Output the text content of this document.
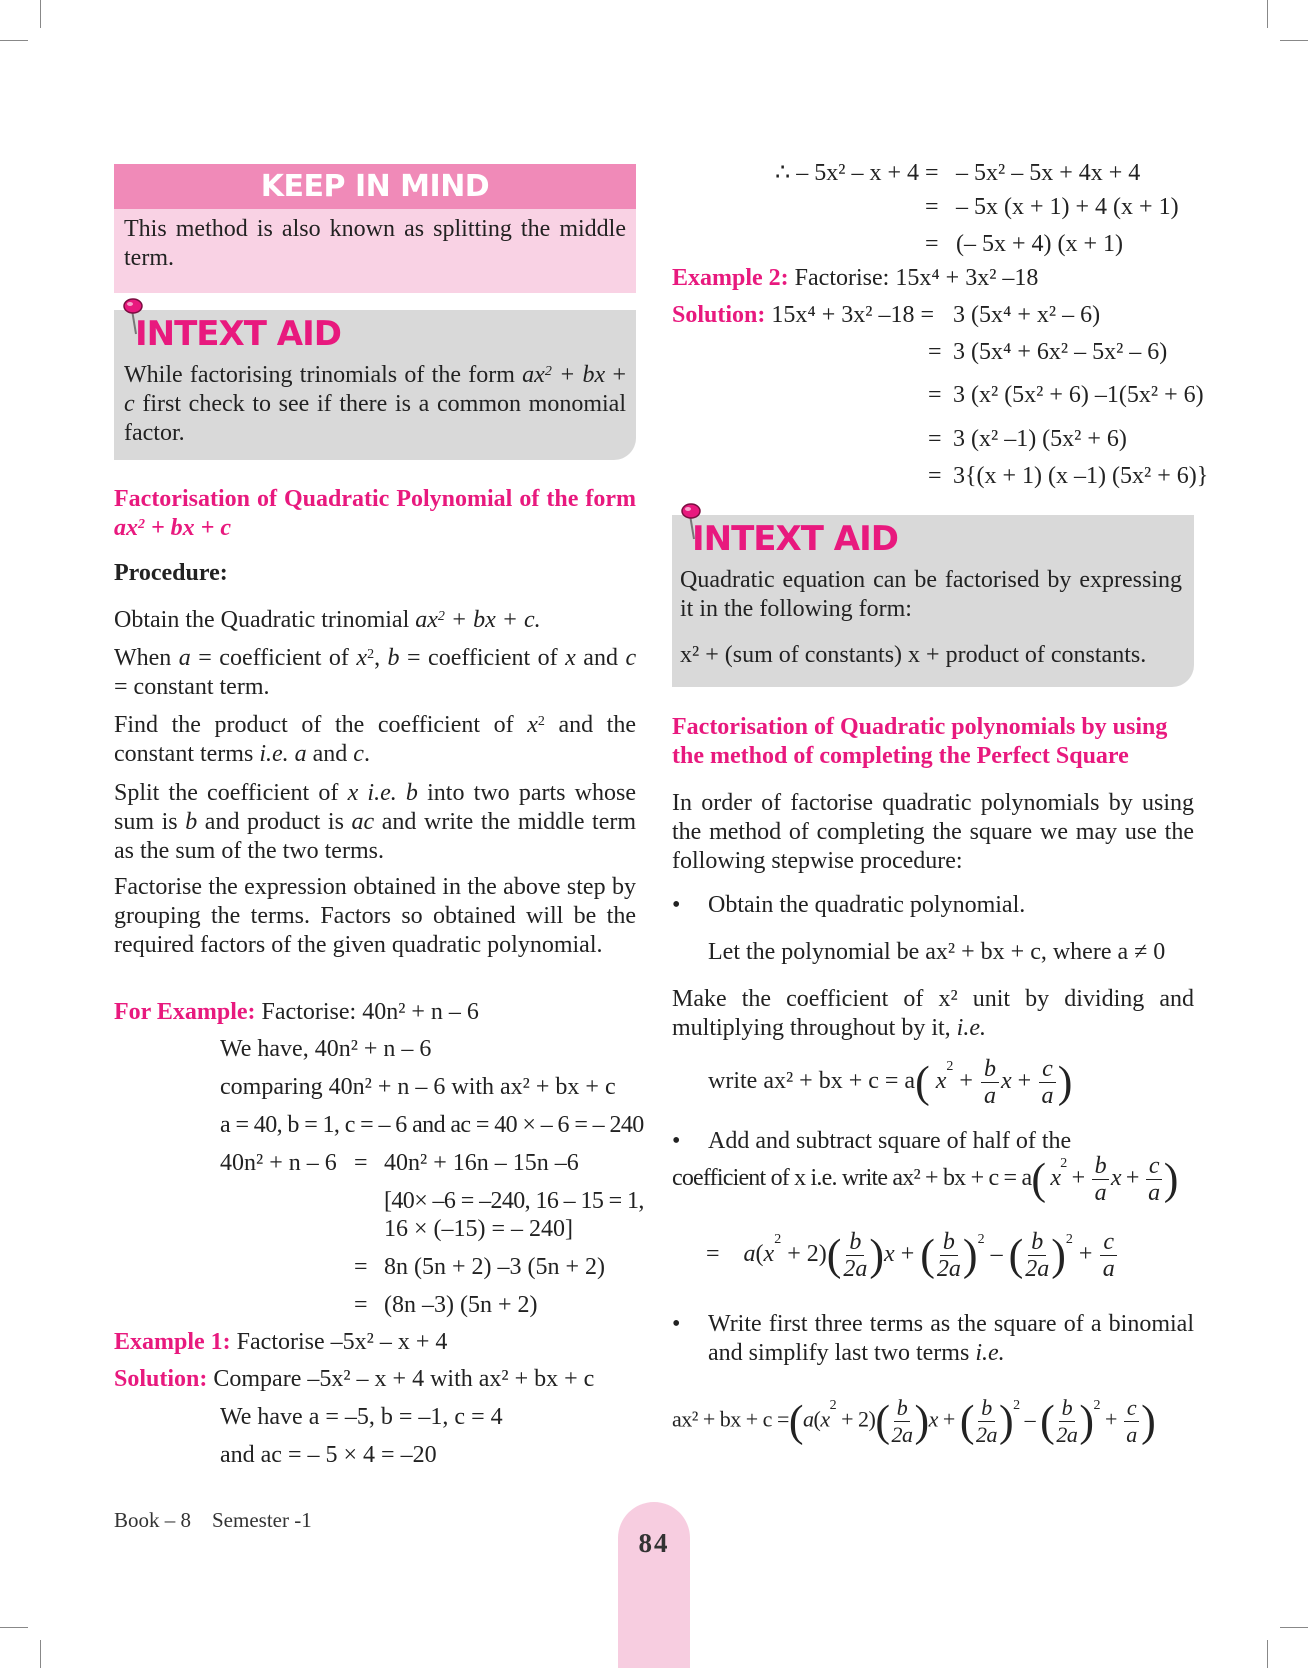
KEEP IN MIND
This method is also known as splitting the middle term.
INTEXT AID
While factorising trinomials of the form $ax^2$ + bx + c first check to see if there is a common monomial factor.
Factorisation of Quadratic Polynomial of the form $ax^2$ + bx + c
Procedure:
Obtain the Quadratic trinomial $ax^2$ + bx + c.
When a = coefficient of $x^2$, b = coefficient of x and c = constant term.
Find the product of the coefficient of $x^2$ and the constant terms i.e. a and c.
Split the coefficient of x i.e. b into two parts whose sum is b and product is ac and write the middle term as the sum of the two terms.
Factorise the expression obtained in the above step by grouping the terms. Factors so obtained will be the required factors of the given quadratic polynomial.
For Example: Factorise: 40n² + n – 6
We have, 40n² + n – 6
comparing 40n² + n – 6 with ax² + bx + c
a = 40, b = 1, c = – 6 and ac = 40 × – 6 = – 240
40n² + n – 6 = 40n² + 16n – 15n –6
[40× –6 = –240, 16 – 15 = 1,
16 × (–15) = – 240]
= 8n (5n + 2) –3 (5n + 2)
= (8n –3) (5n + 2)
Example 1: Factorise –5x² – x + 4
Solution: Compare –5x² – x + 4 with ax² + bx + c
We have a = –5, b = –1, c = 4
and ac = – 5 × 4 = –20
Book – 8    Semester -1
84
∴ – 5x² – x + 4 = – 5x² – 5x + 4x + 4
= – 5x (x + 1) + 4 (x + 1)
= (– 5x + 4) (x + 1)
Example 2: Factorise: 15x⁴ + 3x² –18
Solution: 15x⁴ + 3x² –18 = 3 (5x⁴ + x² – 6)
= 3 (5x⁴ + 6x² – 5x² – 6)
= 3 (x² (5x² + 6) –1(5x² + 6)
= 3 (x² –1) (5x² + 6)
= 3{(x + 1) (x –1) (5x² + 6)}
INTEXT AID
Quadratic equation can be factorised by expressing it in the following form:
x² + (sum of constants) x + product of constants.
Factorisation of Quadratic polynomials by using the method of completing the Perfect Square
In order of factorise quadratic polynomials by using the method of completing the square we may use the following stepwise procedure:
• Obtain the quadratic polynomial.
Let the polynomial be ax² + bx + c, where a ≠ 0
Make the coefficient of x² unit by dividing and multiplying throughout by it, i.e.
write ax² + bx + c = a( $x^2 + \frac{b}{a}$ $x + \frac{c}{a}$ )
• Add and subtract square of half of the
coefficient of x i.e. write ax² + bx + c = a( $x^2 + \frac{b}{a}$ $x + \frac{c}{a}$ )
=    $a(x^2 + 2)( \frac{b}{2a} )x$ + ( $\frac{b}{2a} )^2$ – ( $\frac{b}{2a} )^2 + \frac{c}{a}$
• Write first three terms as the square of a binomial and simplify last two terms i.e.
ax² + bx + $c =(a(x^2 + 2)( \frac{b}{2a} )x$ + ( $\frac{b}{2a} )^2$ – ( $\frac{b}{2a} )^2 + \frac{c}{a}$ )
